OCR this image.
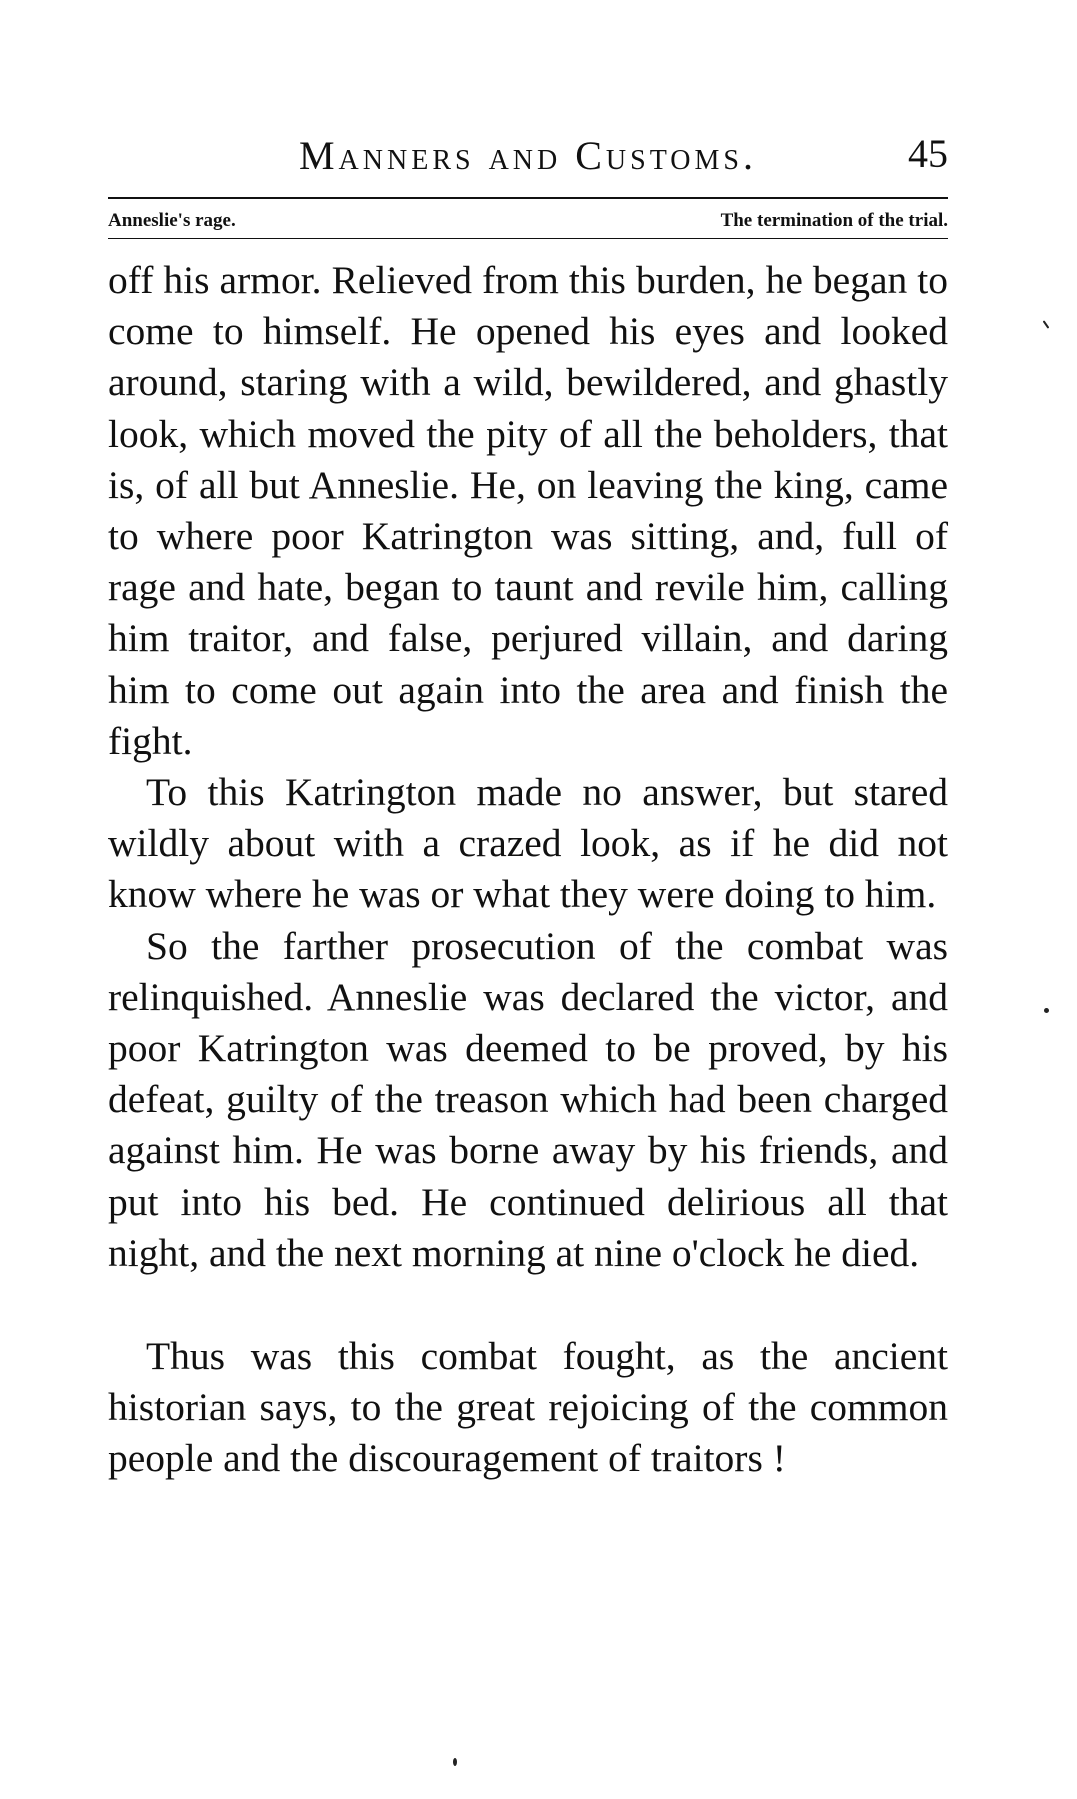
Manners and Customs.	45
Anneslie's rage.	The termination of the trial.

off his armor. Relieved from this burden, he began to come to himself. He opened his eyes and looked around, staring with a wild, bewildered, and ghastly look, which moved the pity of all the beholders, that is, of all but Anneslie. He, on leaving the king, came to where poor Katrington was sitting, and, full of rage and hate, began to taunt and revile him, calling him traitor, and false, perjured villain, and daring him to come out again into the area and finish the fight.

To this Katrington made no answer, but stared wildly about with a crazed look, as if he did not know where he was or what they were doing to him.

So the farther prosecution of the combat was relinquished. Anneslie was declared the victor, and poor Katrington was deemed to be proved, by his defeat, guilty of the treason which had been charged against him. He was borne away by his friends, and put into his bed. He continued delirious all that night, and the next morning at nine o'clock he died.

Thus was this combat fought, as the ancient historian says, to the great rejoicing of the common people and the discouragement of traitors !
